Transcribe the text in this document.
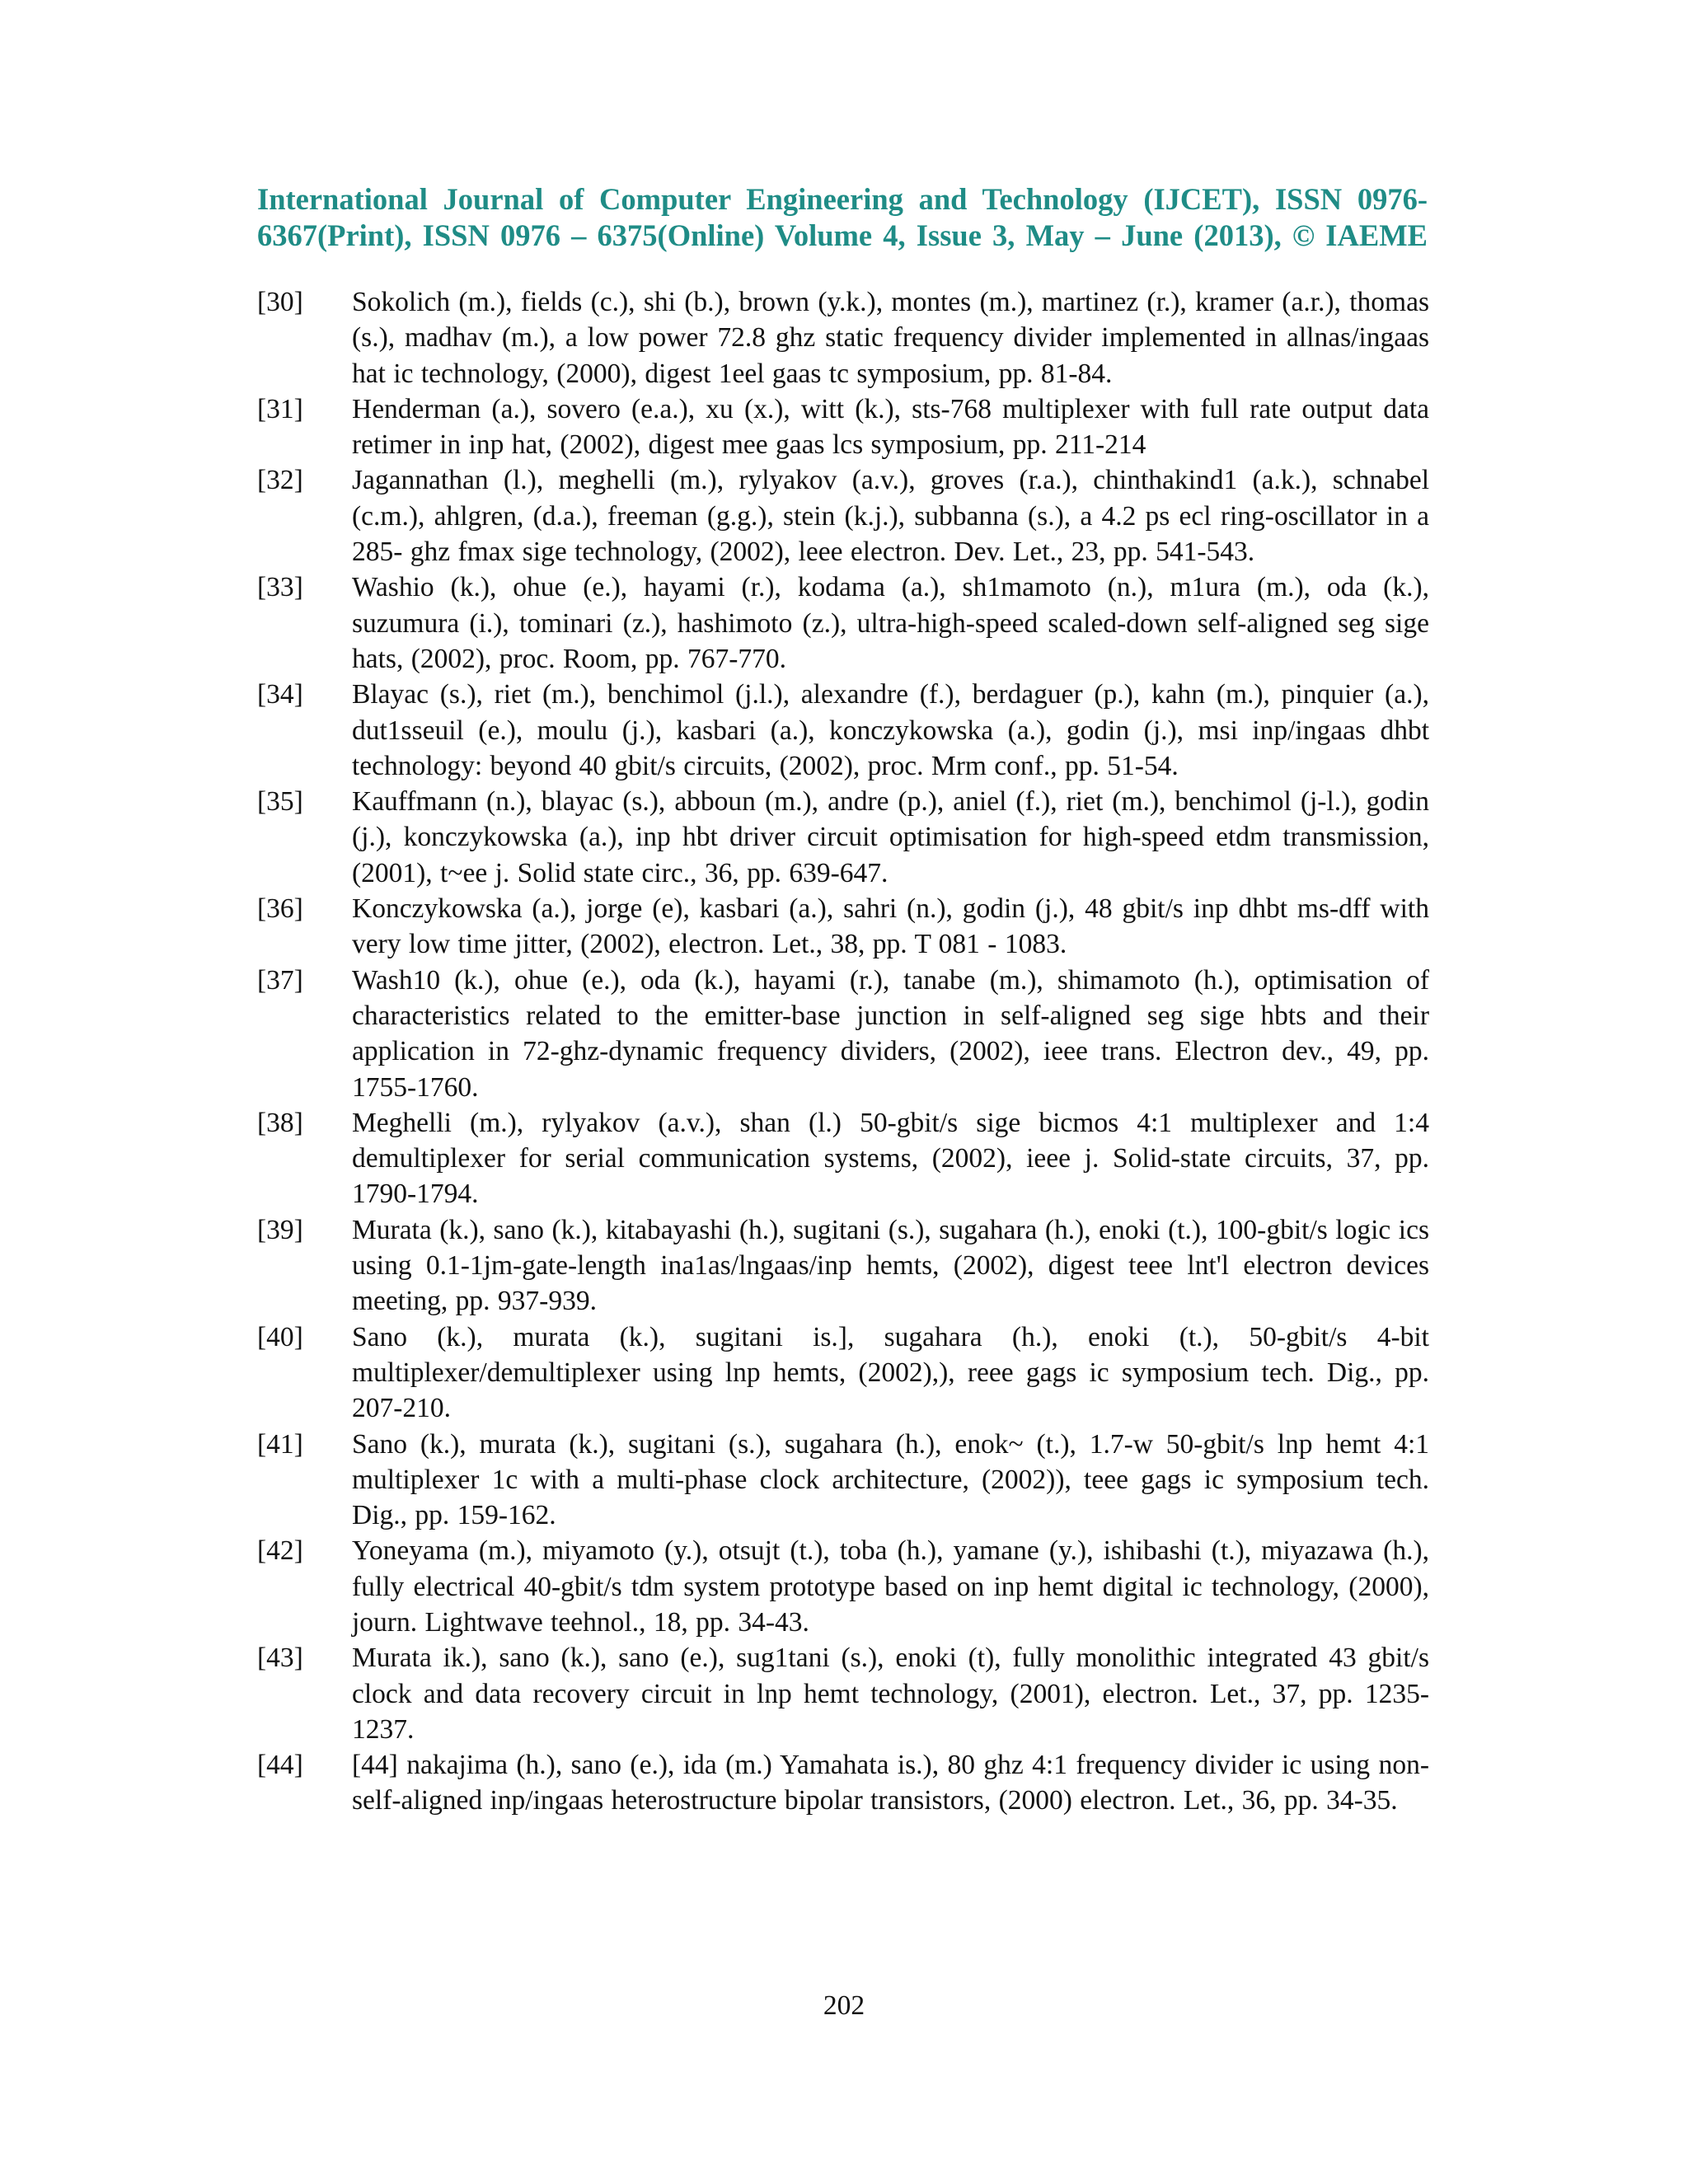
International Journal of Computer Engineering and Technology (IJCET), ISSN 0976-
6367(Print), ISSN 0976 – 6375(Online) Volume 4, Issue 3, May – June (2013), © IAEME
[30]	Sokolich (m.), fields (c.), shi (b.), brown (y.k.), montes (m.), martinez (r.), kramer (a.r.), thomas (s.), madhav (m.), a low power 72.8 ghz static frequency divider implemented in allnas/ingaas hat ic technology, (2000), digest 1eel gaas tc symposium, pp. 81-84.
[31]	Henderman (a.), sovero (e.a.), xu (x.), witt (k.), sts-768 multiplexer with full rate output data retimer in inp hat, (2002), digest mee gaas lcs symposium, pp. 211-214
[32]	Jagannathan (l.), meghelli (m.), rylyakov (a.v.), groves (r.a.), chinthakind1 (a.k.), schnabel (c.m.), ahlgren, (d.a.), freeman (g.g.), stein (k.j.), subbanna (s.), a 4.2 ps ecl ring-oscillator in a 285- ghz fmax sige technology, (2002), leee electron. Dev. Let., 23, pp. 541-543.
[33]	Washio (k.), ohue (e.), hayami (r.), kodama (a.), sh1mamoto (n.), m1ura (m.), oda (k.), suzumura (i.), tominari (z.), hashimoto (z.), ultra-high-speed scaled-down self-aligned seg sige hats, (2002), proc. Room, pp. 767-770.
[34]	Blayac (s.), riet (m.), benchimol (j.l.), alexandre (f.), berdaguer (p.), kahn (m.), pinquier (a.), dut1sseuil (e.), moulu (j.), kasbari (a.), konczykowska (a.), godin (j.), msi inp/ingaas dhbt technology: beyond 40 gbit/s circuits, (2002), proc. Mrm conf., pp. 51-54.
[35]	Kauffmann (n.), blayac (s.), abboun (m.), andre (p.), aniel (f.), riet (m.), benchimol (j-l.), godin (j.), konczykowska (a.), inp hbt driver circuit optimisation for high-speed etdm transmission, (2001), t~ee j. Solid state circ., 36, pp. 639-647.
[36]	Konczykowska (a.), jorge (e), kasbari (a.), sahri (n.), godin (j.), 48 gbit/s inp dhbt ms-dff with very low time jitter, (2002), electron. Let., 38, pp. T 081 - 1083.
[37]	Wash10 (k.), ohue (e.), oda (k.), hayami (r.), tanabe (m.), shimamoto (h.), optimisation of characteristics related to the emitter-base junction in self-aligned seg sige hbts and their application in 72-ghz-dynamic frequency dividers, (2002), ieee trans. Electron dev., 49, pp. 1755-1760.
[38]	Meghelli (m.), rylyakov (a.v.), shan (l.) 50-gbit/s sige bicmos 4:1 multiplexer and 1:4 demultiplexer for serial communication systems, (2002), ieee j. Solid-state circuits, 37, pp. 1790-1794.
[39]	Murata (k.), sano (k.), kitabayashi (h.), sugitani (s.), sugahara (h.), enoki (t.), 100-gbit/s logic ics using 0.1-1jm-gate-length ina1as/lngaas/inp hemts, (2002), digest teee lnt'l electron devices meeting, pp. 937-939.
[40]	Sano (k.), murata (k.), sugitani is.], sugahara (h.), enoki (t.), 50-gbit/s 4-bit multiplexer/demultiplexer using lnp hemts, (2002),), reee gags ic symposium tech. Dig., pp. 207-210.
[41]	Sano (k.), murata (k.), sugitani (s.), sugahara (h.), enok~ (t.), 1.7-w 50-gbit/s lnp hemt 4:1 multiplexer 1c with a multi-phase clock architecture, (2002)), teee gags ic symposium tech. Dig., pp. 159-162.
[42]	Yoneyama (m.), miyamoto (y.), otsujt (t.), toba (h.), yamane (y.), ishibashi (t.), miyazawa (h.), fully electrical 40-gbit/s tdm system prototype based on inp hemt digital ic technology, (2000), journ. Lightwave teehnol., 18, pp. 34-43.
[43]	Murata ik.), sano (k.), sano (e.), sug1tani (s.), enoki (t), fully monolithic integrated 43 gbit/s clock and data recovery circuit in lnp hemt technology, (2001), electron. Let., 37, pp. 1235-1237.
[44]	[44] nakajima (h.), sano (e.), ida (m.) Yamahata is.), 80 ghz 4:1 frequency divider ic using non-self-aligned inp/ingaas heterostructure bipolar transistors, (2000) electron. Let., 36, pp. 34-35.
202
